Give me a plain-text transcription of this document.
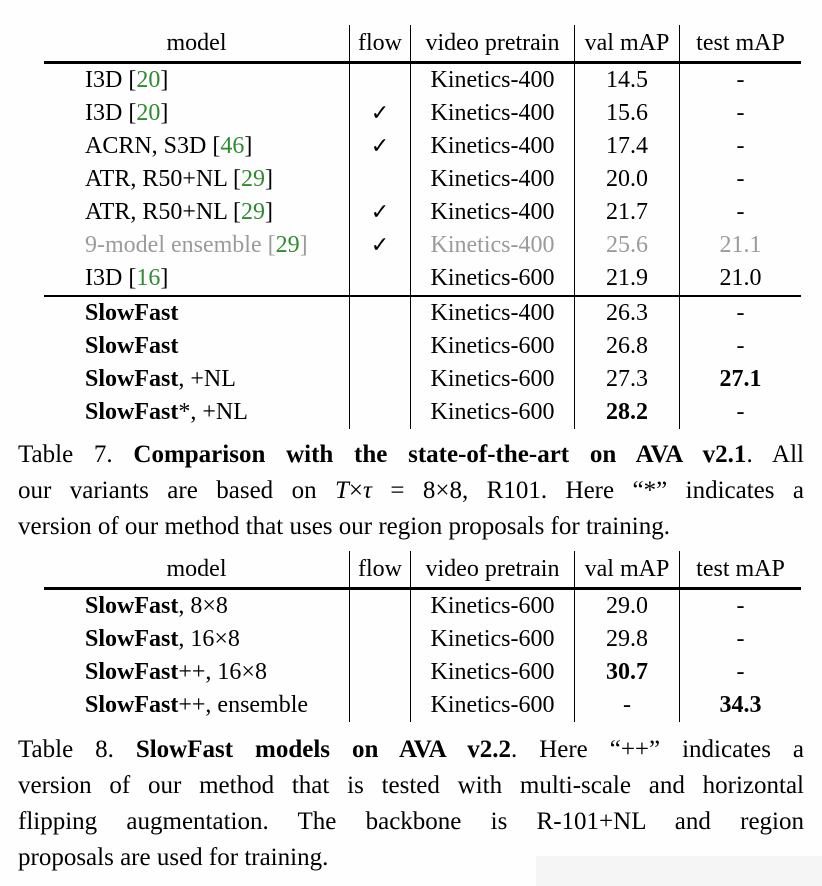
model	flow	video pretrain	val mAP	test mAP
I3D [20]		Kinetics-400	14.5	-
I3D [20]	✓	Kinetics-400	15.6	-
ACRN, S3D [46]	✓	Kinetics-400	17.4	-
ATR, R50+NL [29]		Kinetics-400	20.0	-
ATR, R50+NL [29]	✓	Kinetics-400	21.7	-
9-model ensemble [29]	✓	Kinetics-400	25.6	21.1
I3D [16]		Kinetics-600	21.9	21.0
SlowFast		Kinetics-400	26.3	-
SlowFast		Kinetics-600	26.8	-
SlowFast, +NL		Kinetics-600	27.3	27.1
SlowFast*, +NL		Kinetics-600	28.2	-
Table 7. Comparison with the state-of-the-art on AVA v2.1. All
our variants are based on T×τ = 8×8, R101. Here “*” indicates a
version of our method that uses our region proposals for training.
model	flow	video pretrain	val mAP	test mAP
SlowFast, 8×8		Kinetics-600	29.0	-
SlowFast, 16×8		Kinetics-600	29.8	-
SlowFast++, 16×8		Kinetics-600	30.7	-
SlowFast++, ensemble		Kinetics-600	-	34.3
Table 8. SlowFast models on AVA v2.2. Here “++” indicates a
version of our method that is tested with multi-scale and horizontal
flipping augmentation. The backbone is R-101+NL and region
proposals are used for training.
